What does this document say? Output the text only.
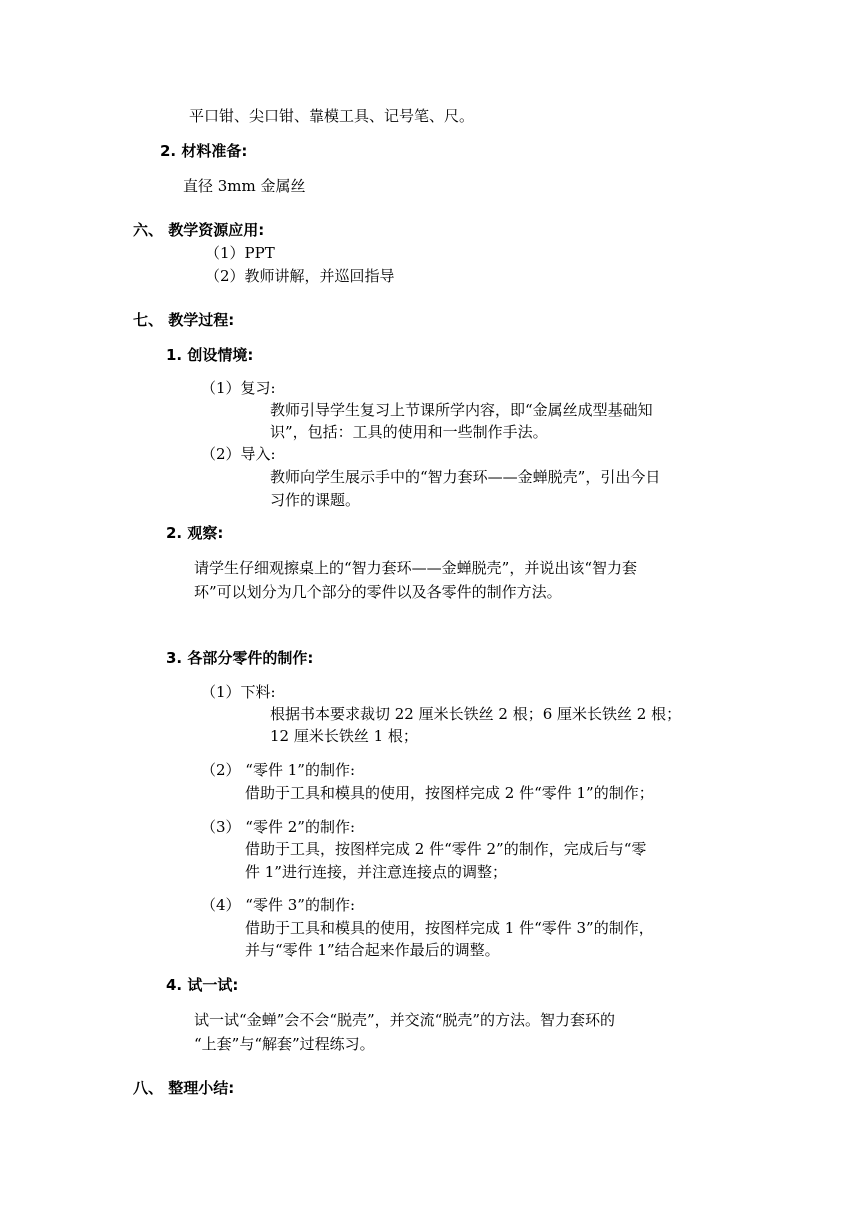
平口钳、尖口钳、靠模工具、记号笔、尺。
2. 材料准备:
直径 3mm 金属丝
六、 教学资源应用:
（1）PPT
（2）教师讲解，并巡回指导
七、 教学过程:
1. 创设情境:
（1）复习:
教师引导学生复习上节课所学内容，即“金属丝成型基础知
识”，包括：工具的使用和一些制作手法。
（2）导入:
教师向学生展示手中的“智力套环——金蝉脱壳”，引出今日
习作的课题。
2. 观察:
请学生仔细观擦桌上的“智力套环——金蝉脱壳”，并说出该“智力套
环”可以划分为几个部分的零件以及各零件的制作方法。
3. 各部分零件的制作:
（1）下料:
根据书本要求裁切 22 厘米长铁丝 2 根；6 厘米长铁丝 2 根；
12 厘米长铁丝 1 根；
（2） “零件 1”的制作:
借助于工具和模具的使用，按图样完成 2 件“零件 1”的制作；
（3） “零件 2”的制作:
借助于工具，按图样完成 2 件“零件 2”的制作，完成后与“零
件 1”进行连接，并注意连接点的调整；
（4） “零件 3”的制作:
借助于工具和模具的使用，按图样完成 1 件“零件 3”的制作，
并与“零件 1”结合起来作最后的调整。
4. 试一试:
试一试“金蝉”会不会“脱壳”，并交流“脱壳”的方法。智力套环的
“上套”与“解套”过程练习。
八、 整理小结:
